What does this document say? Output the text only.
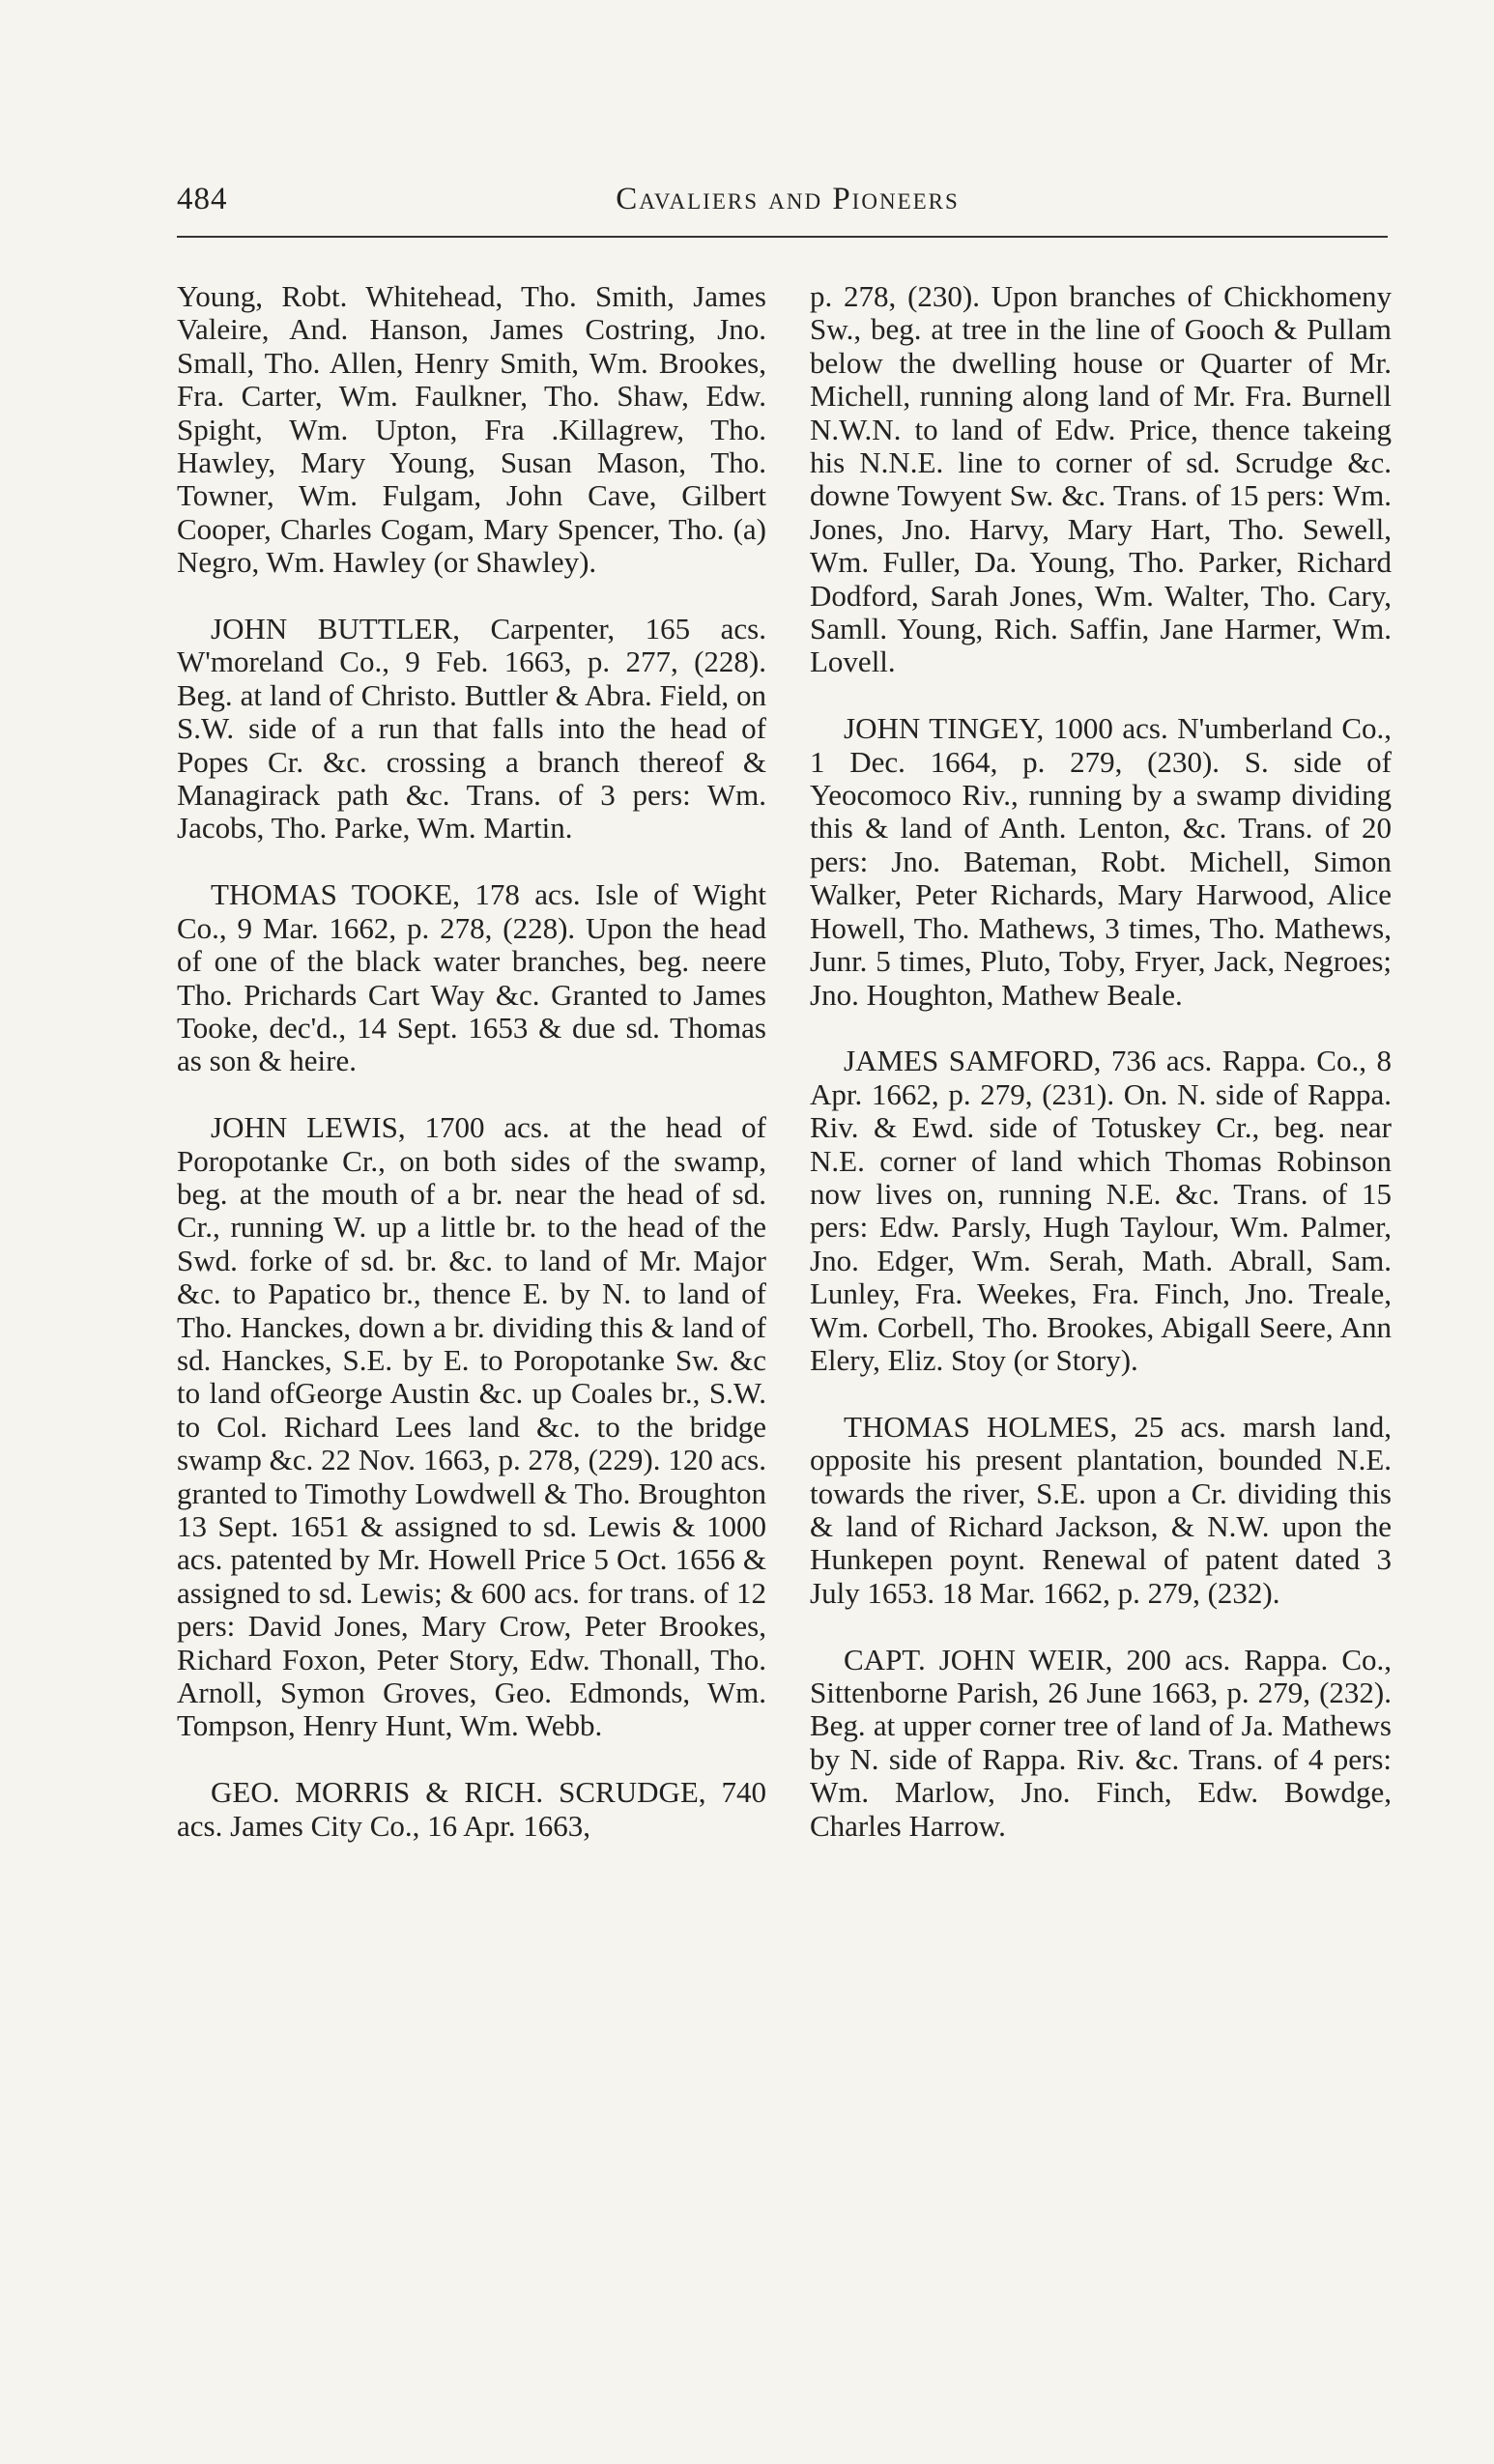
484	Cavaliers and Pioneers

Young, Robt. Whitehead, Tho. Smith, James Valeire, And. Hanson, James Costring, Jno. Small, Tho. Allen, Henry Smith, Wm. Brookes, Fra. Carter, Wm. Faulkner, Tho. Shaw, Edw. Spight, Wm. Upton, Fra .Killagrew, Tho. Hawley, Mary Young, Susan Mason, Tho. Towner, Wm. Fulgam, John Cave, Gilbert Cooper, Charles Cogam, Mary Spencer, Tho. (a) Negro, Wm. Hawley (or Shawley).

JOHN BUTTLER, Carpenter, 165 acs. W'moreland Co., 9 Feb. 1663, p. 277, (228). Beg. at land of Christo. Buttler & Abra. Field, on S.W. side of a run that falls into the head of Popes Cr. &c. crossing a branch thereof & Managirack path &c. Trans. of 3 pers: Wm. Jacobs, Tho. Parke, Wm. Martin.

THOMAS TOOKE, 178 acs. Isle of Wight Co., 9 Mar. 1662, p. 278, (228). Upon the head of one of the black water branches, beg. neere Tho. Prichards Cart Way &c. Granted to James Tooke, dec'd., 14 Sept. 1653 & due sd. Thomas as son & heire.

JOHN LEWIS, 1700 acs. at the head of Poropotanke Cr., on both sides of the swamp, beg. at the mouth of a br. near the head of sd. Cr., running W. up a little br. to the head of the Swd. forke of sd. br. &c. to land of Mr. Major &c. to Papatico br., thence E. by N. to land of Tho. Hanckes, down a br. dividing this & land of sd. Hanckes, S.E. by E. to Poropotanke Sw. &c to land ofGeorge Austin &c. up Coales br., S.W. to Col. Richard Lees land &c. to the bridge swamp &c. 22 Nov. 1663, p. 278, (229). 120 acs. granted to Timothy Lowdwell & Tho. Broughton 13 Sept. 1651 & assigned to sd. Lewis & 1000 acs. patented by Mr. Howell Price 5 Oct. 1656 & assigned to sd. Lewis; & 600 acs. for trans. of 12 pers: David Jones, Mary Crow, Peter Brookes, Richard Foxon, Peter Story, Edw. Thonall, Tho. Arnoll, Symon Groves, Geo. Edmonds, Wm. Tompson, Henry Hunt, Wm. Webb.

GEO. MORRIS & RICH. SCRUDGE, 740 acs. James City Co., 16 Apr. 1663,

p. 278, (230). Upon branches of Chickhomeny Sw., beg. at tree in the line of Gooch & Pullam below the dwelling house or Quarter of Mr. Michell, running along land of Mr. Fra. Burnell N.W.N. to land of Edw. Price, thence takeing his N.N.E. line to corner of sd. Scrudge &c. downe Towyent Sw. &c. Trans. of 15 pers: Wm. Jones, Jno. Harvy, Mary Hart, Tho. Sewell, Wm. Fuller, Da. Young, Tho. Parker, Richard Dodford, Sarah Jones, Wm. Walter, Tho. Cary, Samll. Young, Rich. Saffin, Jane Harmer, Wm. Lovell.

JOHN TINGEY, 1000 acs. N'umberland Co., 1 Dec. 1664, p. 279, (230). S. side of Yeocomoco Riv., running by a swamp dividing this & land of Anth. Lenton, &c. Trans. of 20 pers: Jno. Bateman, Robt. Michell, Simon Walker, Peter Richards, Mary Harwood, Alice Howell, Tho. Mathews, 3 times, Tho. Mathews, Junr. 5 times, Pluto, Toby, Fryer, Jack, Negroes; Jno. Houghton, Mathew Beale.

JAMES SAMFORD, 736 acs. Rappa. Co., 8 Apr. 1662, p. 279, (231). On. N. side of Rappa. Riv. & Ewd. side of Totuskey Cr., beg. near N.E. corner of land which Thomas Robinson now lives on, running N.E. &c. Trans. of 15 pers: Edw. Parsly, Hugh Taylour, Wm. Palmer, Jno. Edger, Wm. Serah, Math. Abrall, Sam. Lunley, Fra. Weekes, Fra. Finch, Jno. Treale, Wm. Corbell, Tho. Brookes, Abigall Seere, Ann Elery, Eliz. Stoy (or Story).

THOMAS HOLMES, 25 acs. marsh land, opposite his present plantation, bounded N.E. towards the river, S.E. upon a Cr. dividing this & land of Richard Jackson, & N.W. upon the Hunkepen poynt. Renewal of patent dated 3 July 1653. 18 Mar. 1662, p. 279, (232).

CAPT. JOHN WEIR, 200 acs. Rappa. Co., Sittenborne Parish, 26 June 1663, p. 279, (232). Beg. at upper corner tree of land of Ja. Mathews by N. side of Rappa. Riv. &c. Trans. of 4 pers: Wm. Marlow, Jno. Finch, Edw. Bowdge, Charles Harrow.
